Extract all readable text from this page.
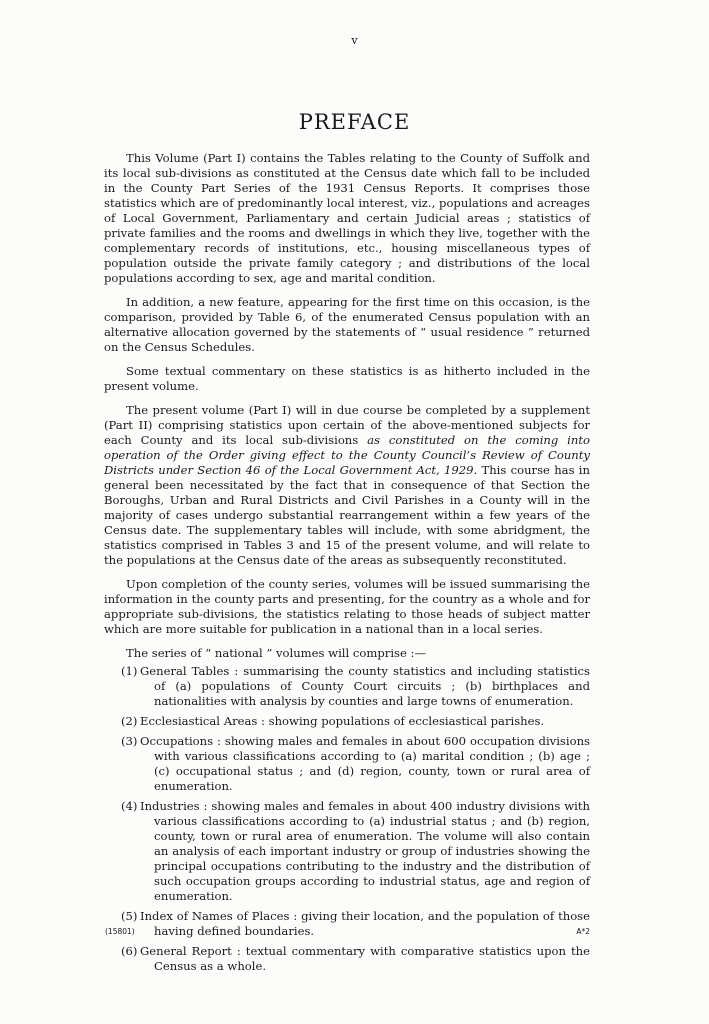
v
PREFACE

This Volume (Part I) contains the Tables relating to the County of Suffolk and its local sub-divisions as constituted at the Census date which fall to be included in the County Part Series of the 1931 Census Reports. It comprises those statistics which are of predominantly local interest, viz., populations and acreages of Local Government, Parliamentary and certain Judicial areas ; statistics of private families and the rooms and dwellings in which they live, together with the complementary records of institutions, etc., housing miscellaneous types of population outside the private family category ; and distributions of the local populations according to sex, age and marital condition.

In addition, a new feature, appearing for the first time on this occasion, is the comparison, provided by Table 6, of the enumerated Census population with an alternative allocation governed by the statements of “ usual residence ” returned on the Census Schedules.

Some textual commentary on these statistics is as hitherto included in the present volume.

The present volume (Part I) will in due course be completed by a supplement (Part II) comprising statistics upon certain of the above-mentioned subjects for each County and its local sub-divisions as constituted on the coming into operation of the Order giving effect to the County Council’s Review of County Districts under Section 46 of the Local Government Act, 1929. This course has in general been necessitated by the fact that in consequence of that Section the Boroughs, Urban and Rural Districts and Civil Parishes in a County will in the majority of cases undergo substantial rearrangement within a few years of the Census date. The supplementary tables will include, with some abridgment, the statistics comprised in Tables 3 and 15 of the present volume, and will relate to the populations at the Census date of the areas as subsequently reconstituted.

Upon completion of the county series, volumes will be issued summarising the information in the county parts and presenting, for the country as a whole and for appropriate sub-divisions, the statistics relating to those heads of subject matter which are more suitable for publication in a national than in a local series.

The series of “ national ” volumes will comprise :—

(1) General Tables : summarising the county statistics and including statistics of (a) populations of County Court circuits ; (b) birthplaces and nationalities with analysis by counties and large towns of enumeration.
(2) Ecclesiastical Areas : showing populations of ecclesiastical parishes.
(3) Occupations : showing males and females in about 600 occupation divisions with various classifications according to (a) marital condition ; (b) age ; (c) occupational status ; and (d) region, county, town or rural area of enumeration.
(4) Industries : showing males and females in about 400 industry divisions with various classifications according to (a) industrial status ; and (b) region, county, town or rural area of enumeration. The volume will also contain an analysis of each important industry or group of industries showing the principal occupations contributing to the industry and the distribution of such occupation groups according to industrial status, age and region of enumeration.
(5) Index of Names of Places : giving their location, and the population of those having defined boundaries.
(6) General Report : textual commentary with comparative statistics upon the Census as a whole.
(15801)	A*2
